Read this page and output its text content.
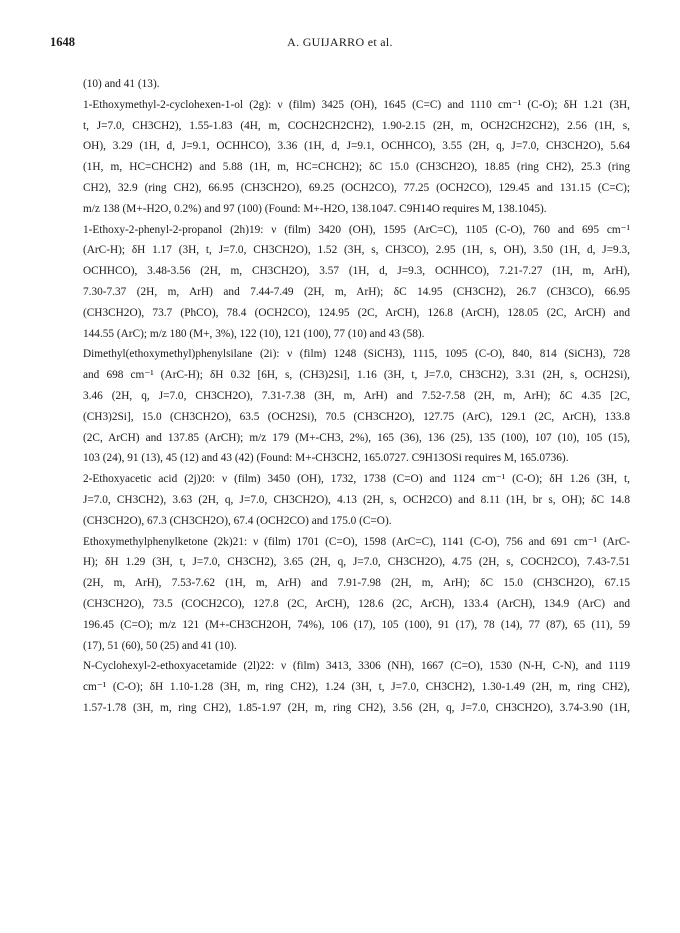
1648	A. GUIJARRO et al.
(10) and 41 (13).
1-Ethoxymethyl-2-cyclohexen-1-ol (2g): ν (film) 3425 (OH), 1645 (C=C) and 1110 cm⁻¹ (C-O); δH 1.21 (3H,
t, J=7.0, CH3CH2), 1.55-1.83 (4H, m, COCH2CH2CH2), 1.90-2.15 (2H, m, OCH2CH2CH2), 2.56 (1H, s,
OH), 3.29 (1H, d, J=9.1, OCHHCO), 3.36 (1H, d, J=9.1, OCHHCO), 3.55 (2H, q, J=7.0, CH3CH2O), 5.64
(1H, m, HC=CHCH2) and 5.88 (1H, m, HC=CHCH2); δC 15.0 (CH3CH2O), 18.85 (ring CH2), 25.3 (ring
CH2), 32.9 (ring CH2), 66.95 (CH3CH2O), 69.25 (OCH2CO), 77.25 (OCH2CO), 129.45 and 131.15 (C=C);
m/z 138 (M+-H2O, 0.2%) and 97 (100) (Found: M+-H2O, 138.1047. C9H14O requires M, 138.1045).
1-Ethoxy-2-phenyl-2-propanol (2h)19: ν (film) 3420 (OH), 1595 (ArC=C), 1105 (C-O), 760 and 695 cm⁻¹
(ArC-H); δH 1.17 (3H, t, J=7.0, CH3CH2O), 1.52 (3H, s, CH3CO), 2.95 (1H, s, OH), 3.50 (1H, d, J=9.3,
OCHHCO), 3.48-3.56 (2H, m, CH3CH2O), 3.57 (1H, d, J=9.3, OCHHCO), 7.21-7.27 (1H, m, ArH),
7.30-7.37 (2H, m, ArH) and 7.44-7.49 (2H, m, ArH); δC 14.95 (CH3CH2), 26.7 (CH3CO), 66.95
(CH3CH2O), 73.7 (PhCO), 78.4 (OCH2CO), 124.95 (2C, ArCH), 126.8 (ArCH), 128.05 (2C, ArCH) and
144.55 (ArC); m/z 180 (M+, 3%), 122 (10), 121 (100), 77 (10) and 43 (58).
Dimethyl(ethoxymethyl)phenylsilane (2i): ν (film) 1248 (SiCH3), 1115, 1095 (C-O), 840, 814 (SiCH3), 728
and 698 cm⁻¹ (ArC-H); δH 0.32 [6H, s, (CH3)2Si], 1.16 (3H, t, J=7.0, CH3CH2), 3.31 (2H, s, OCH2Si),
3.46 (2H, q, J=7.0, CH3CH2O), 7.31-7.38 (3H, m, ArH) and 7.52-7.58 (2H, m, ArH); δC 4.35 [2C,
(CH3)2Si], 15.0 (CH3CH2O), 63.5 (OCH2Si), 70.5 (CH3CH2O), 127.75 (ArC), 129.1 (2C, ArCH), 133.8
(2C, ArCH) and 137.85 (ArCH); m/z 179 (M+-CH3, 2%), 165 (36), 136 (25), 135 (100), 107 (10), 105 (15),
103 (24), 91 (13), 45 (12) and 43 (42) (Found: M+-CH3CH2, 165.0727. C9H13OSi requires M, 165.0736).
2-Ethoxyacetic acid (2j)20: ν (film) 3450 (OH), 1732, 1738 (C=O) and 1124 cm⁻¹ (C-O); δH 1.26 (3H, t,
J=7.0, CH3CH2), 3.63 (2H, q, J=7.0, CH3CH2O), 4.13 (2H, s, OCH2CO) and 8.11 (1H, br s, OH); δC 14.8
(CH3CH2O), 67.3 (CH3CH2O), 67.4 (OCH2CO) and 175.0 (C=O).
Ethoxymethylphenylketone (2k)21: ν (film) 1701 (C=O), 1598 (ArC=C), 1141 (C-O), 756 and 691 cm⁻¹ (ArC-
H); δH 1.29 (3H, t, J=7.0, CH3CH2), 3.65 (2H, q, J=7.0, CH3CH2O), 4.75 (2H, s, COCH2CO), 7.43-7.51
(2H, m, ArH), 7.53-7.62 (1H, m, ArH) and 7.91-7.98 (2H, m, ArH); δC 15.0 (CH3CH2O), 67.15
(CH3CH2O), 73.5 (COCH2CO), 127.8 (2C, ArCH), 128.6 (2C, ArCH), 133.4 (ArCH), 134.9 (ArC) and
196.45 (C=O); m/z 121 (M+-CH3CH2OH, 74%), 106 (17), 105 (100), 91 (17), 78 (14), 77 (87), 65 (11), 59
(17), 51 (60), 50 (25) and 41 (10).
N-Cyclohexyl-2-ethoxyacetamide (2l)22: ν (film) 3413, 3306 (NH), 1667 (C=O), 1530 (N-H, C-N), and 1119
cm⁻¹ (C-O); δH 1.10-1.28 (3H, m, ring CH2), 1.24 (3H, t, J=7.0, CH3CH2), 1.30-1.49 (2H, m, ring CH2),
1.57-1.78 (3H, m, ring CH2), 1.85-1.97 (2H, m, ring CH2), 3.56 (2H, q, J=7.0, CH3CH2O), 3.74-3.90 (1H,
